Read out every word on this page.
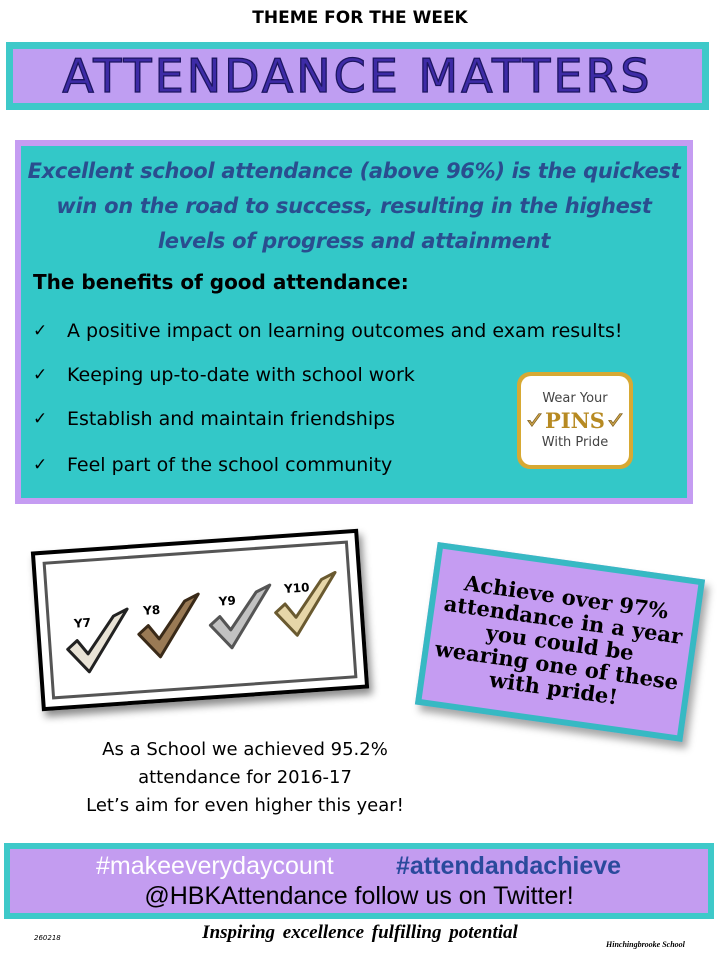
THEME FOR THE WEEK
ATTENDANCE MATTERS
Excellent school attendance (above 96%) is the quickest win on the road to success, resulting in the highest levels of progress and attainment
The benefits of good attendance:
✓	A positive impact on learning outcomes and exam results!
✓	Keeping up-to-date with school work
✓	Establish and maintain friendships
✓	Feel part of the school community
Wear Your
PINS
With Pride
Y7
Y8
Y9
Y10	Achieve over 97% attendance in a year you could be wearing one of these with pride!
As a School we achieved 95.2%
attendance for 2016-17
Let’s aim for even higher this year!
#makeeverydaycount #attendandachieve
@HBKAttendance follow us on Twitter!
260218	Inspiring excellence fulfilling potential
Hinchingbrooke School
